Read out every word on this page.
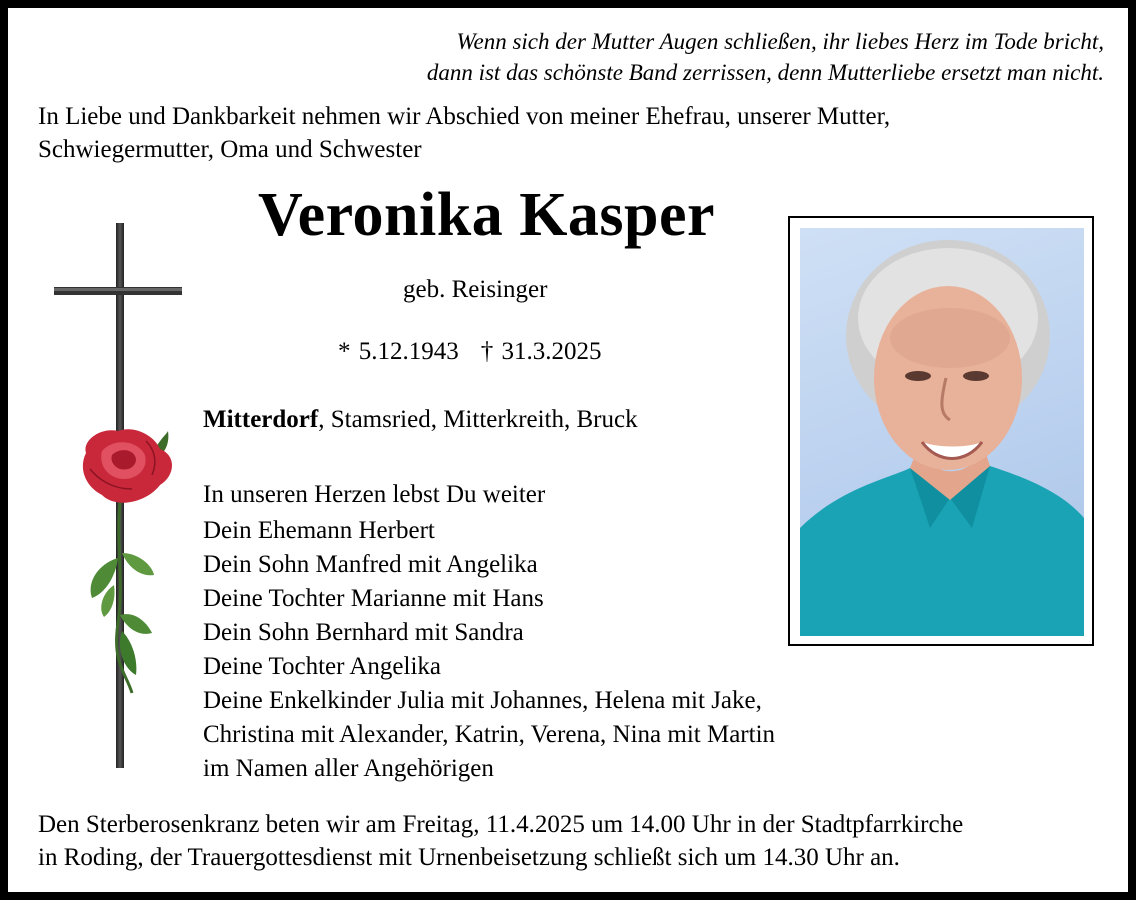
Wenn sich der Mutter Augen schließen, ihr liebes Herz im Tode bricht,
dann ist das schönste Band zerrissen, denn Mutterliebe ersetzt man nicht.
In Liebe und Dankbarkeit nehmen wir Abschied von meiner Ehefrau, unserer Mutter,
Schwiegermutter, Oma und Schwester
Veronika Kasper
geb. Reisinger
* 5.12.1943 † 31.3.2025
Mitterdorf, Stamsried, Mitterkreith, Bruck
In unseren Herzen lebst Du weiter
Dein Ehemann Herbert
Dein Sohn Manfred mit Angelika
Deine Tochter Marianne mit Hans
Dein Sohn Bernhard mit Sandra
Deine Tochter Angelika
Deine Enkelkinder Julia mit Johannes, Helena mit Jake,
Christina mit Alexander, Katrin, Verena, Nina mit Martin
im Namen aller Angehörigen
Den Sterberosenkranz beten wir am Freitag, 11.4.2025 um 14.00 Uhr in der Stadtpfarrkirche
in Roding, der Trauergottesdienst mit Urnenbeisetzung schließt sich um 14.30 Uhr an.
